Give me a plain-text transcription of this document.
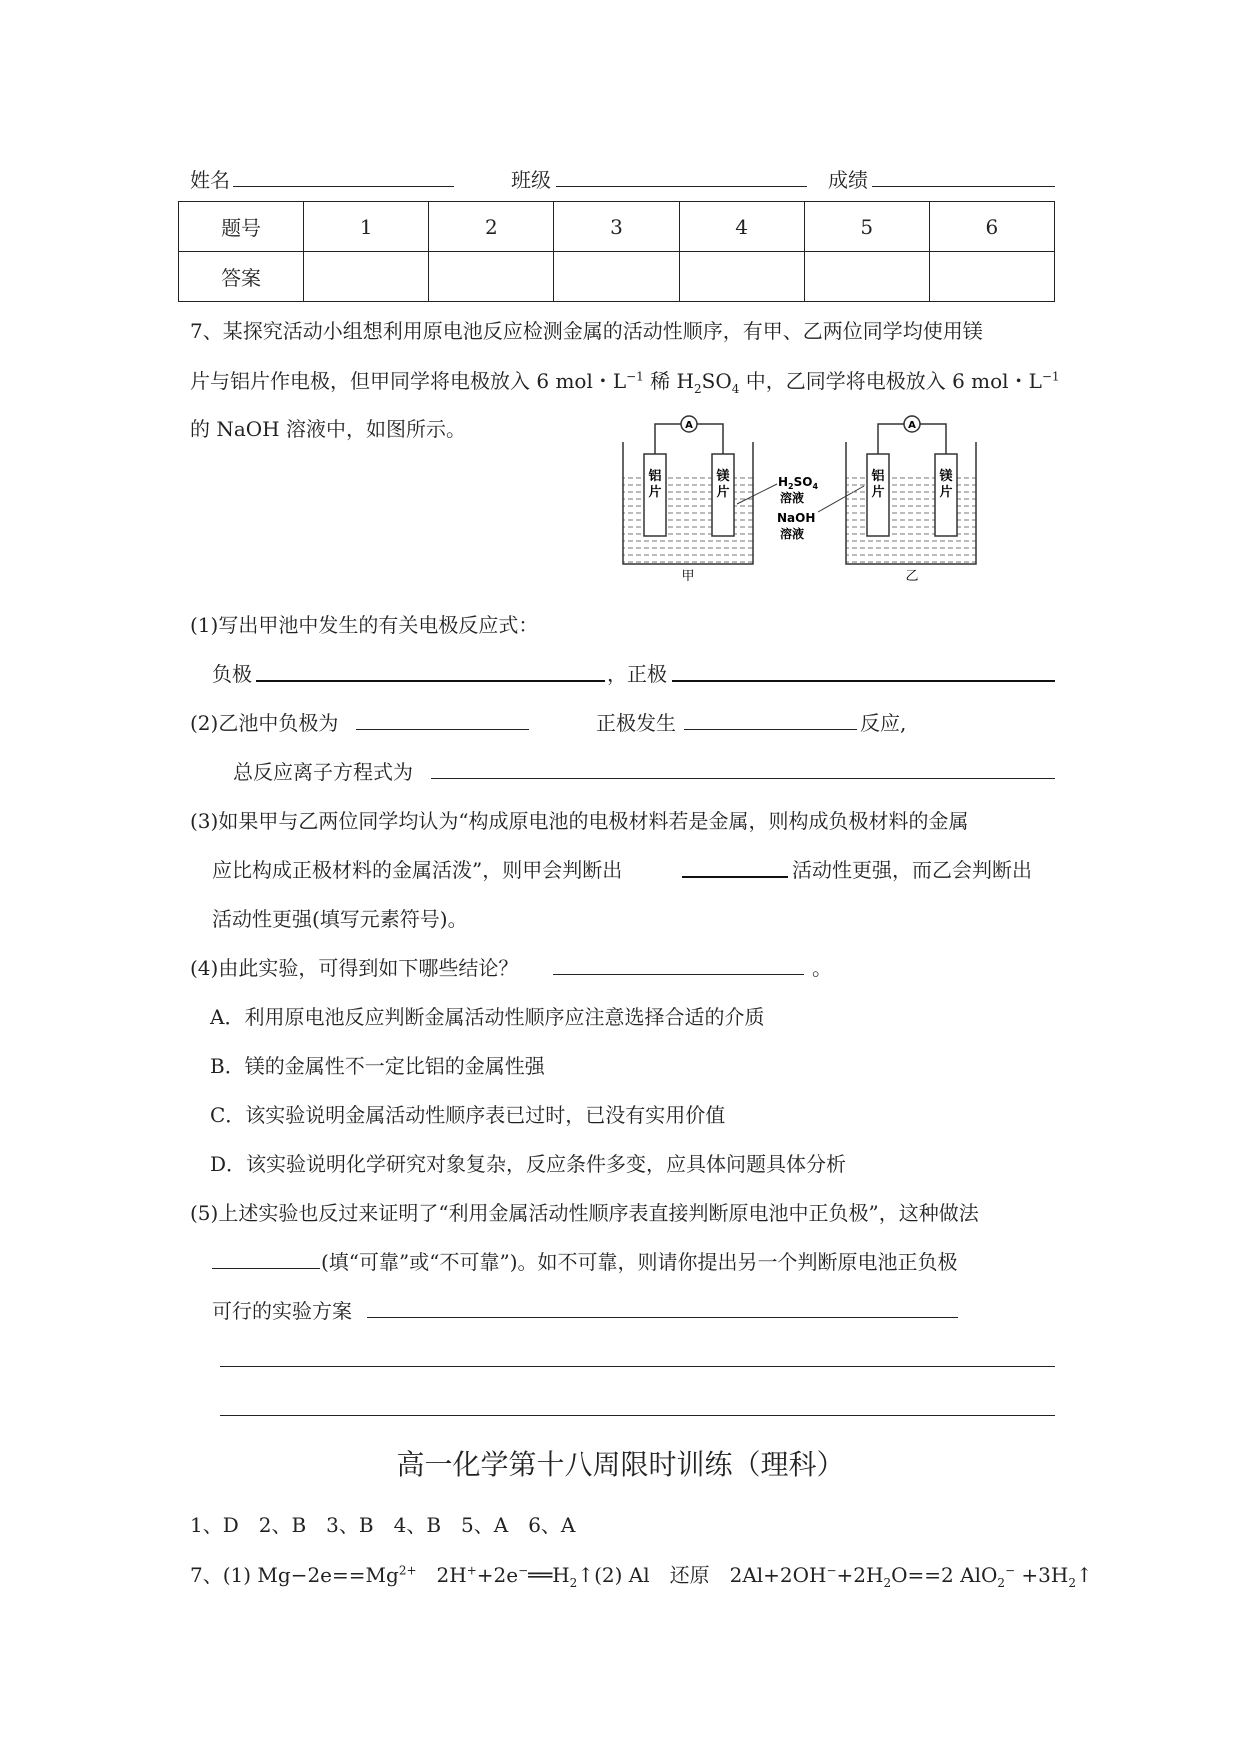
姓名	班级	成绩
题号	1	2	3	4	5	6
答案						
7、某探究活动小组想利用原电池反应检测金属的活动性顺序，有甲、乙两位同学均使用镁
片与铝片作电极，但甲同学将电极放入 6 mol・$L^{-1}$ 稀 $H_2SO_4$ 中，乙同学将电极放入 6 mol・$L^{-1}$
的 NaOH 溶液中，如图所示。	A
铝
片
镁
片
甲
$H_2SO_4$
溶液
NaOH
溶液
A
铝
片
镁
片
乙
(1)写出甲池中发生的有关电极反应式：
负极	，正极
(2)乙池中负极为	正极发生	反应,
总反应离子方程式为
(3)如果甲与乙两位同学均认为“构成原电池的电极材料若是金属，则构成负极材料的金属
应比构成正极材料的金属活泼”，则甲会判断出	活动性更强，而乙会判断出
活动性更强(填写元素符号)。
(4)由此实验，可得到如下哪些结论？	。
A．利用原电池反应判断金属活动性顺序应注意选择合适的介质
B．镁的金属性不一定比铝的金属性强
C．该实验说明金属活动性顺序表已过时，已没有实用价值
D．该实验说明化学研究对象复杂，反应条件多变，应具体问题具体分析
(5)上述实验也反过来证明了“利用金属活动性顺序表直接判断原电池中正负极”，这种做法
(填“可靠”或“不可靠”)。如不可靠，则请你提出另一个判断原电池正负极
可行的实验方案
高一化学第十八周限时训练（理科）
1、D　2、B　3、B　4、B　5、A　6、A
7、(1) $Mg-2e==Mg^{2+}$　$2H^++2e^-══H_2↑(2)$ Al　还原　$2Al+2OH^-+2H_2O==2$ $AlO_2^- +3H_2↑$
